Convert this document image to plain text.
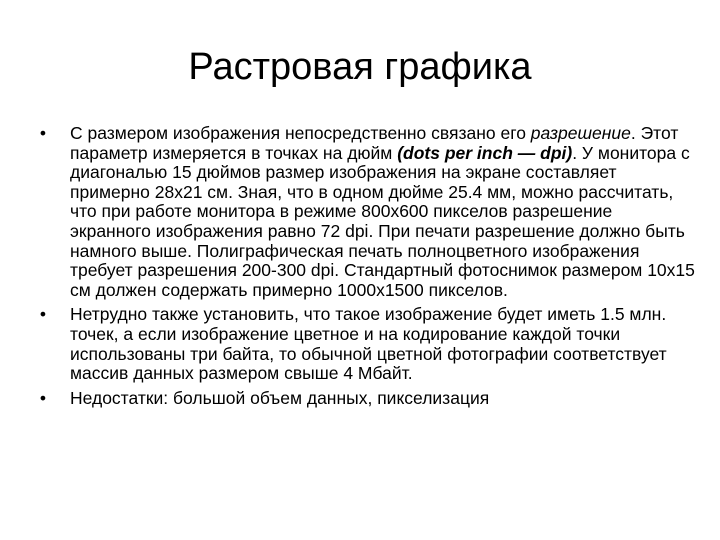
Растровая графика
• С размером изображения непосредственно связано его разрешение. Этот параметр измеряется в точках на дюйм (dots per inch — dpi). У монитора с диагональю 15 дюймов размер изображения на экране составляет примерно 28x21 см. Зная, что в одном дюйме 25.4 мм, можно рассчитать, что при работе монитора в режиме 800x600 пикселов разрешение экранного изображения равно 72 dpi. При печати разрешение должно быть намного выше. Полиграфическая печать полноцветного изображения требует разрешения 200-300 dpi. Стандартный фотоснимок размером 10x15 см должен содержать примерно 1000x1500 пикселов.
• Нетрудно также установить, что такое изображение будет иметь 1.5 млн. точек, а если изображение цветное и на кодирование каждой точки использованы три байта, то обычной цветной фотографии соответствует массив данных размером свыше 4 Мбайт.
• Недостатки: большой объем данных, пикселизация
